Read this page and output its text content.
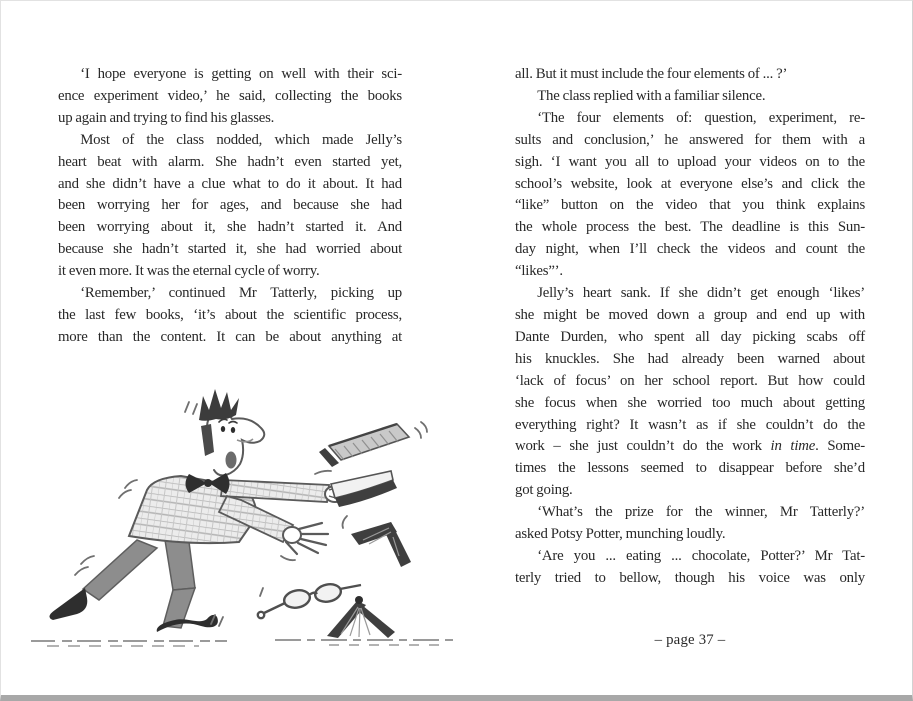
‘I hope everyone is getting on well with their sci-
ence experiment video,’ he said, collecting the books
up again and trying to find his glasses.
Most of the class nodded, which made Jelly’s
heart beat with alarm. She hadn’t even started yet,
and she didn’t have a clue what to do it about. It had
been worrying her for ages, and because she had
been worrying about it, she hadn’t started it. And
because she hadn’t started it, she had worried about
it even more. It was the eternal cycle of worry.
‘Remember,’ continued Mr Tatterly, picking up
the last few books, ‘it’s about the scientific process,
more than the content. It can be about anything at
all. But it must include the four elements of ... ?’
The class replied with a familiar silence.
‘The four elements of: question, experiment, re-
sults and conclusion,’ he answered for them with a
sigh. ‘I want you all to upload your videos on to the
school’s website, look at everyone else’s and click the
“like” button on the video that you think explains
the whole process the best. The deadline is this Sun-
day night, when I’ll check the videos and count the
“likes”’.
Jelly’s heart sank. If she didn’t get enough ‘likes’
she might be moved down a group and end up with
Dante Durden, who spent all day picking scabs off
his knuckles. She had already been warned about
‘lack of focus’ on her school report. But how could
she focus when she worried too much about getting
everything right? It wasn’t as if she couldn’t do the
work – she just couldn’t do the work in time. Some-
times the lessons seemed to disappear before she’d
got going.
‘What’s the prize for the winner, Mr Tatterly?’
asked Potsy Potter, munching loudly.
‘Are you ... eating ... chocolate, Potter?’ Mr Tat-
terly tried to bellow, though his voice was only
– page 37 –
